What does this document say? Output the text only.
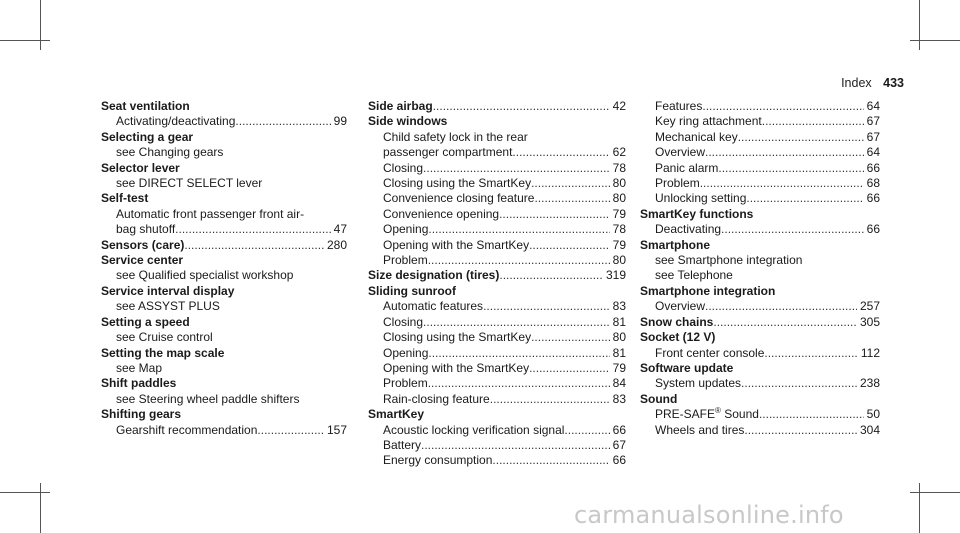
Index 433
Seat ventilation
Activating/deactivating .....	99
Selecting a gear
see Changing gears
Selector lever
see DIRECT SELECT lever
Self-test
Automatic front passenger front air-
bag shutoff .....	47
Sensors (care) .....	280
Service center
see Qualified specialist workshop
Service interval display
see ASSYST PLUS
Setting a speed
see Cruise control
Setting the map scale
see Map
Shift paddles
see Steering wheel paddle shifters
Shifting gears
Gearshift recommendation .....	157
Side airbag .....	42
Side windows
Child safety lock in the rear
passenger compartment .....	62
Closing .....	78
Closing using the SmartKey .....	80
Convenience closing feature .....	80
Convenience opening .....	79
Opening .....	78
Opening with the SmartKey .....	79
Problem .....	80
Size designation (tires) .....	319
Sliding sunroof
Automatic features .....	83
Closing .....	81
Closing using the SmartKey .....	80
Opening .....	81
Opening with the SmartKey .....	79
Problem .....	84
Rain-closing feature .....	83
SmartKey
Acoustic locking verification signal .....	66
Battery .....	67
Energy consumption .....	66
Features .....	64
Key ring attachment .....	67
Mechanical key .....	67
Overview .....	64
Panic alarm .....	66
Problem .....	68
Unlocking setting .....	66
SmartKey functions
Deactivating .....	66
Smartphone
see Smartphone integration
see Telephone
Smartphone integration
Overview .....	257
Snow chains .....	305
Socket (12 V)
Front center console .....	112
Software update
System updates .....	238
Sound
PRE-SAFE® Sound .....	50
Wheels and tires .....	304
carmanualsonline.info
